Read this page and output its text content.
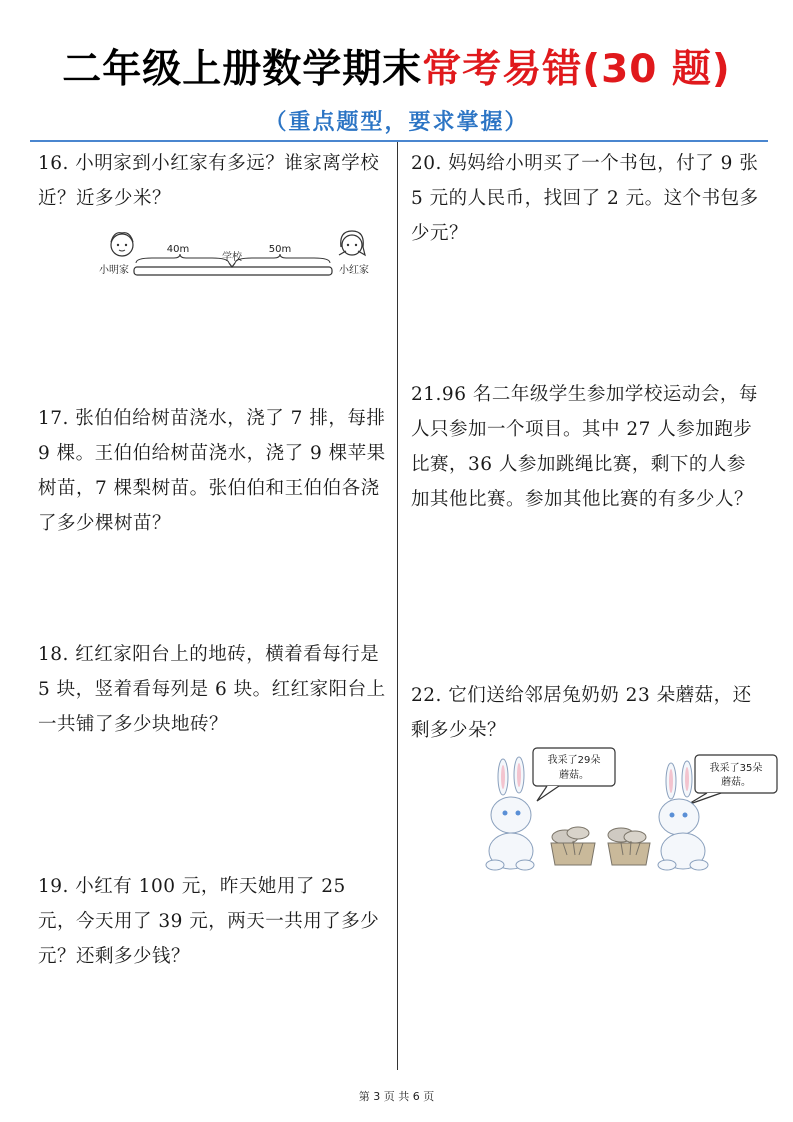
二年级上册数学期末常考易错(30 题)
（重点题型，要求掌握）
16. 小明家到小红家有多远？谁家离学校近？近多少米？
40m
学校
50m
小明家	小红家
17. 张伯伯给树苗浇水，浇了 7 排，每排 9 棵。王伯伯给树苗浇水，浇了 9 棵苹果树苗，7 棵梨树苗。张伯伯和王伯伯各浇了多少棵树苗？
18. 红红家阳台上的地砖，横着看每行是 5 块，竖着看每列是 6 块。红红家阳台上一共铺了多少块地砖？
19. 小红有 100 元，昨天她用了 25 元，今天用了 39 元，两天一共用了多少元？还剩多少钱？
20. 妈妈给小明买了一个书包，付了 9 张 5 元的人民币，找回了 2 元。这个书包多少元？
21.96 名二年级学生参加学校运动会，每人只参加一个项目。其中 27 人参加跑步比赛，36 人参加跳绳比赛，剩下的人参加其他比赛。参加其他比赛的有多少人？
22. 它们送给邻居兔奶奶 23 朵蘑菇，还剩多少朵？
我采了29朵
蘑菇。
我采了35朵
蘑菇。
第 3 页 共 6 页
